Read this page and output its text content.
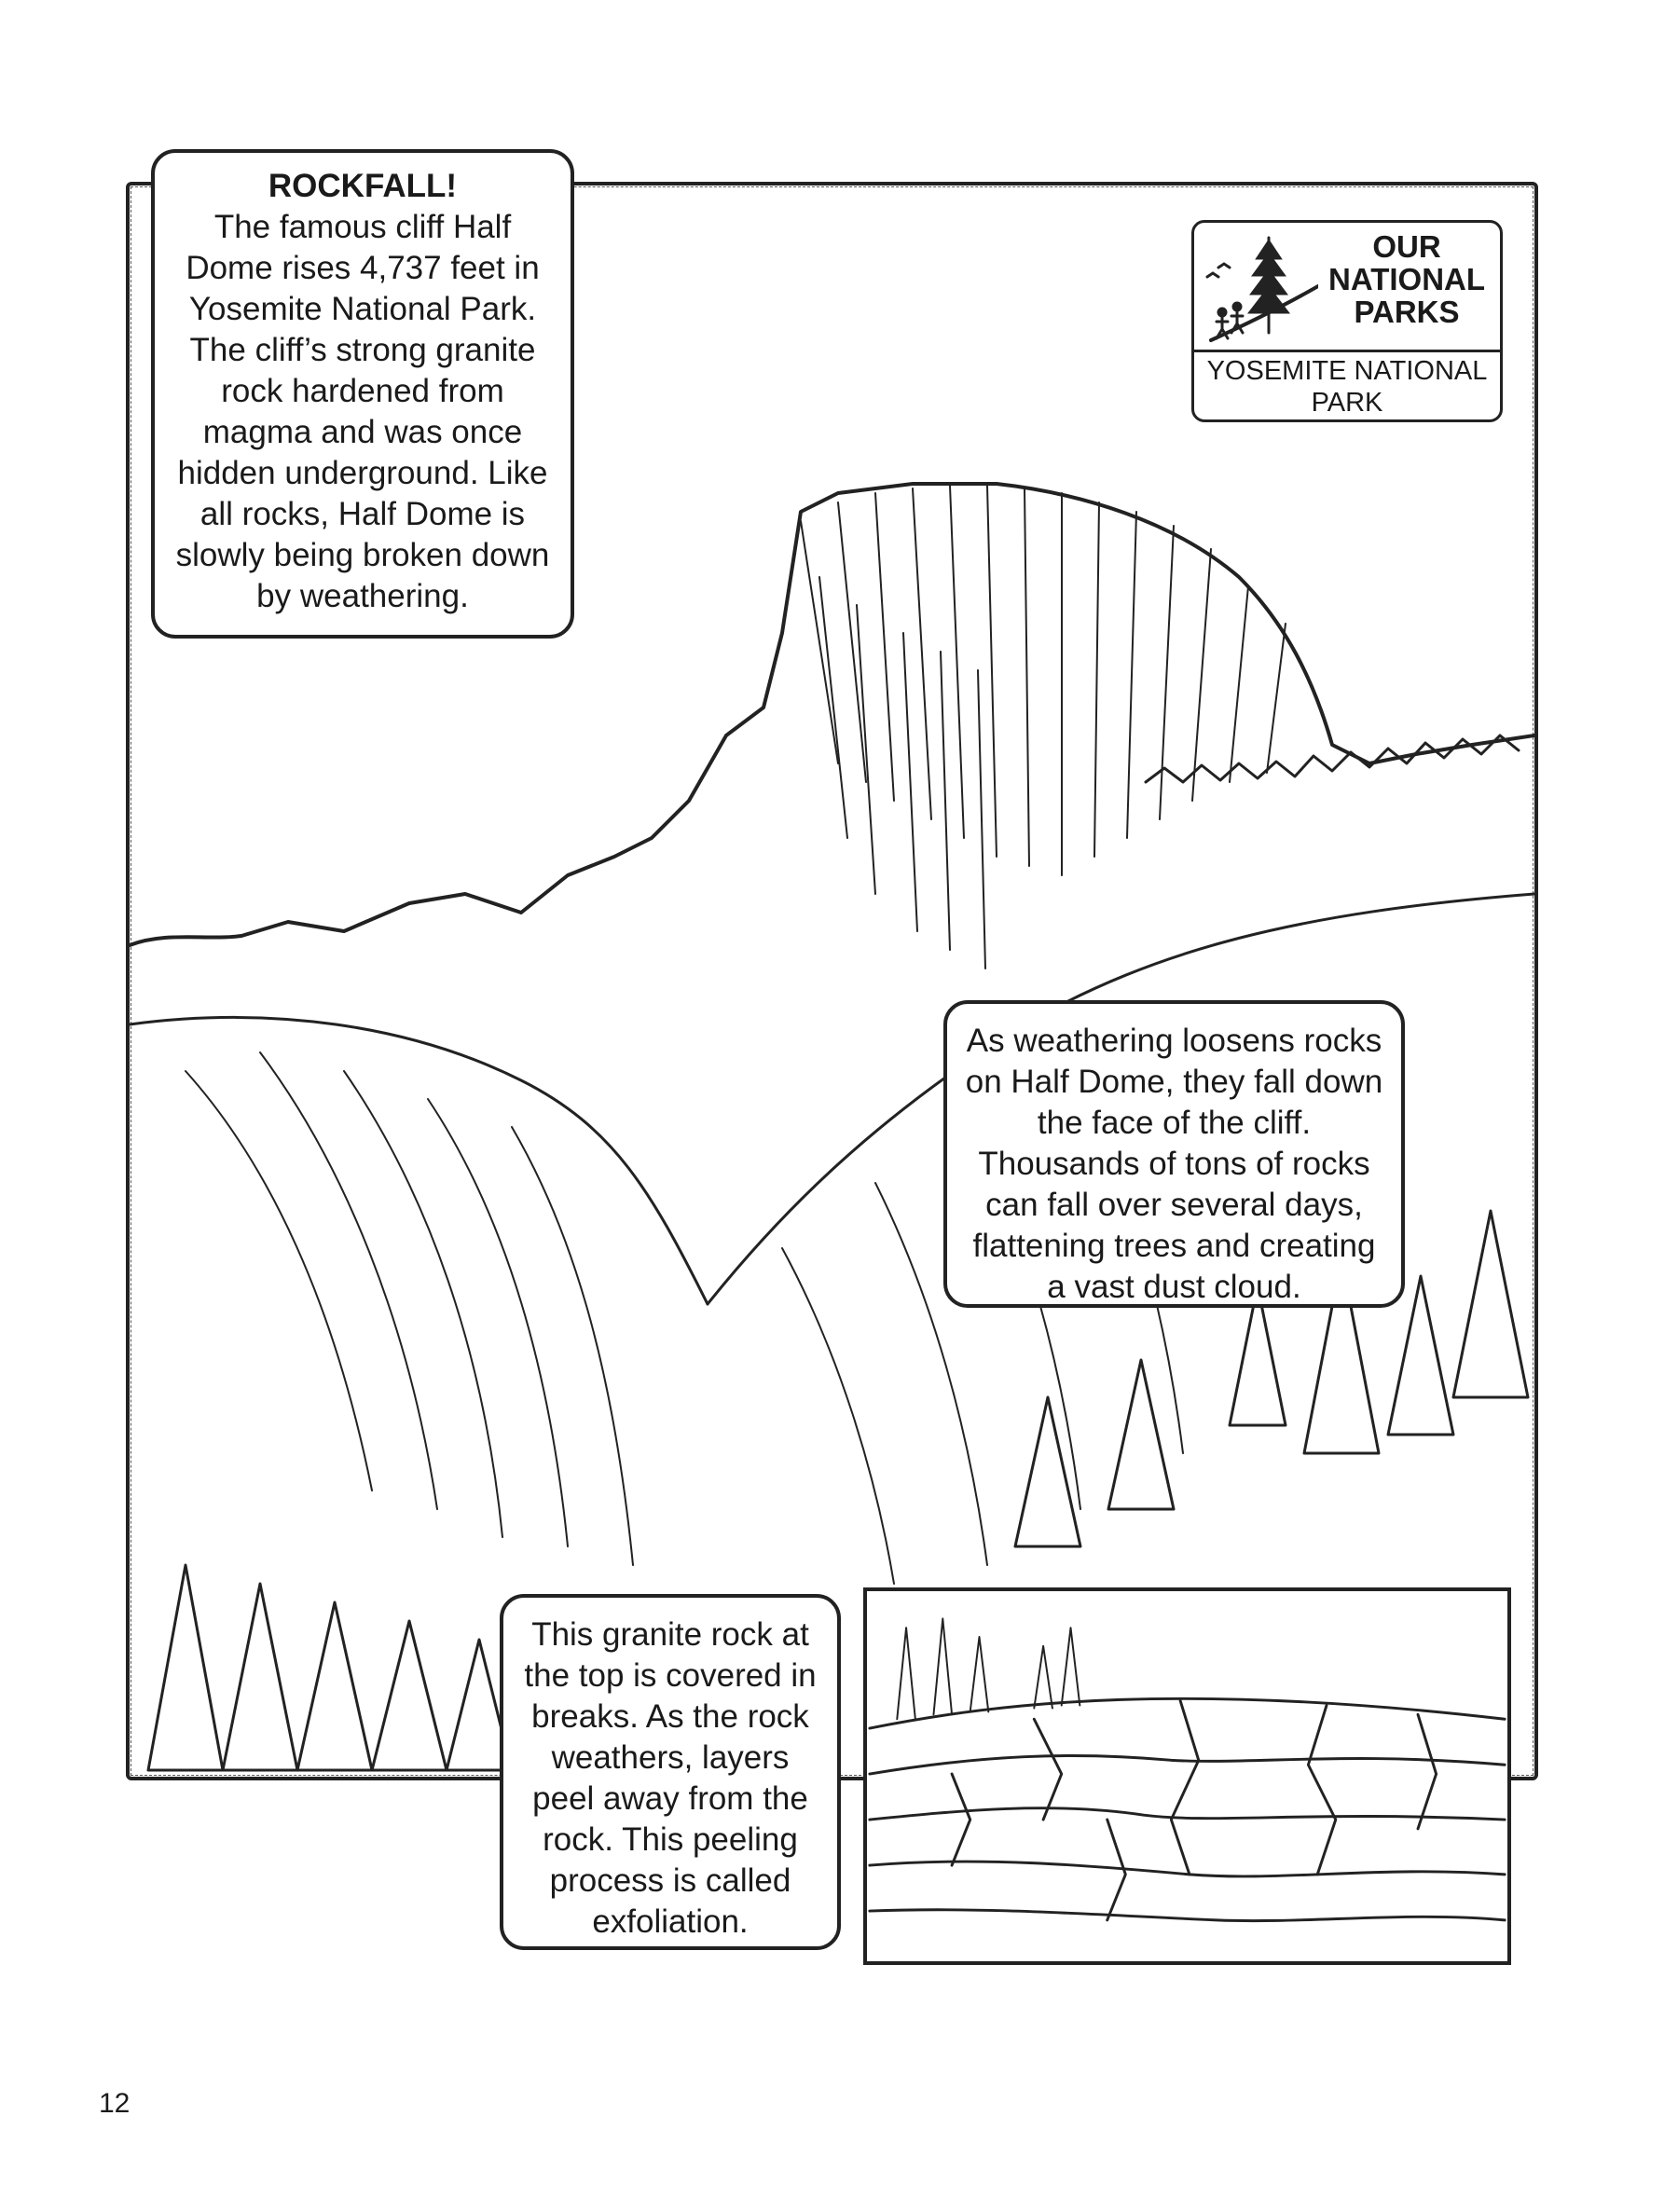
ROCKFALL!
The famous cliff Half Dome rises 4,737 feet in Yosemite National Park. The cliff’s strong granite rock hardened from magma and was once hidden underground. Like all rocks, Half Dome is slowly being broken down by weathering.
OUR
NATIONAL
PARKS
YOSEMITE NATIONAL PARK
As weathering loosens rocks on Half Dome, they fall down the face of the cliff. Thousands of tons of rocks can fall over several days, flattening trees and creating a vast dust cloud.
This granite rock at the top is covered in breaks. As the rock weathers, layers peel away from the rock. This peeling process is called exfoliation.
12
